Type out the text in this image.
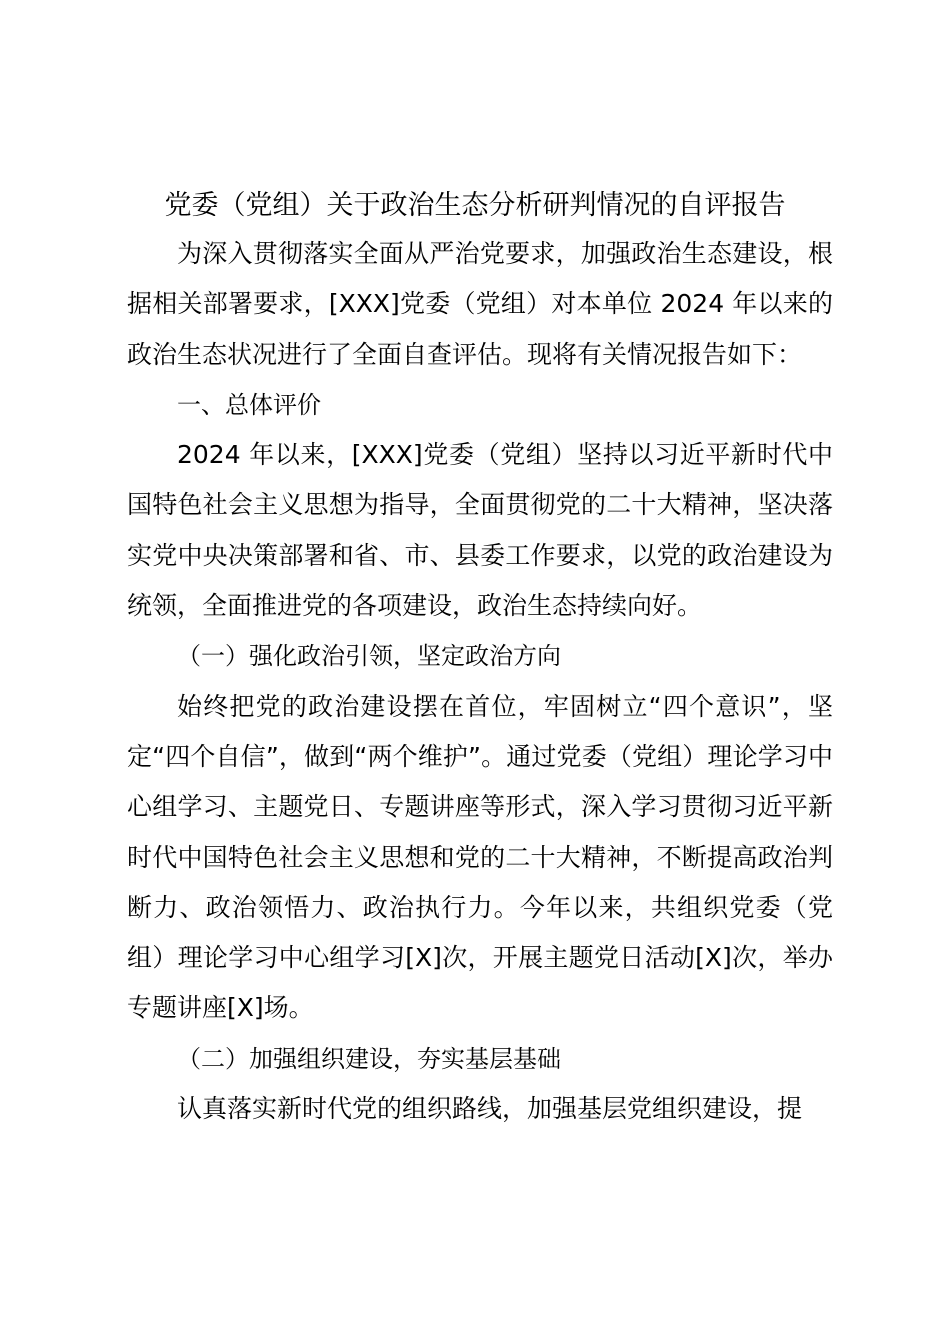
党委（党组）关于政治生态分析研判情况的自评报告

为深入贯彻落实全面从严治党要求，加强政治生态建设，根据相关部署要求，[XXX]党委（党组）对本单位 2024 年以来的政治生态状况进行了全面自查评估。现将有关情况报告如下：

一、总体评价

2024 年以来，[XXX]党委（党组）坚持以习近平新时代中国特色社会主义思想为指导，全面贯彻党的二十大精神，坚决落实党中央决策部署和省、市、县委工作要求，以党的政治建设为统领，全面推进党的各项建设，政治生态持续向好。

（一）强化政治引领，坚定政治方向

始终把党的政治建设摆在首位，牢固树立“四个意识”，坚定“四个自信”，做到“两个维护”。通过党委（党组）理论学习中心组学习、主题党日、专题讲座等形式，深入学习贯彻习近平新时代中国特色社会主义思想和党的二十大精神，不断提高政治判断力、政治领悟力、政治执行力。今年以来，共组织党委（党组）理论学习中心组学习[X]次，开展主题党日活动[X]次，举办专题讲座[X]场。

（二）加强组织建设，夯实基层基础

认真落实新时代党的组织路线，加强基层党组织建设，提
